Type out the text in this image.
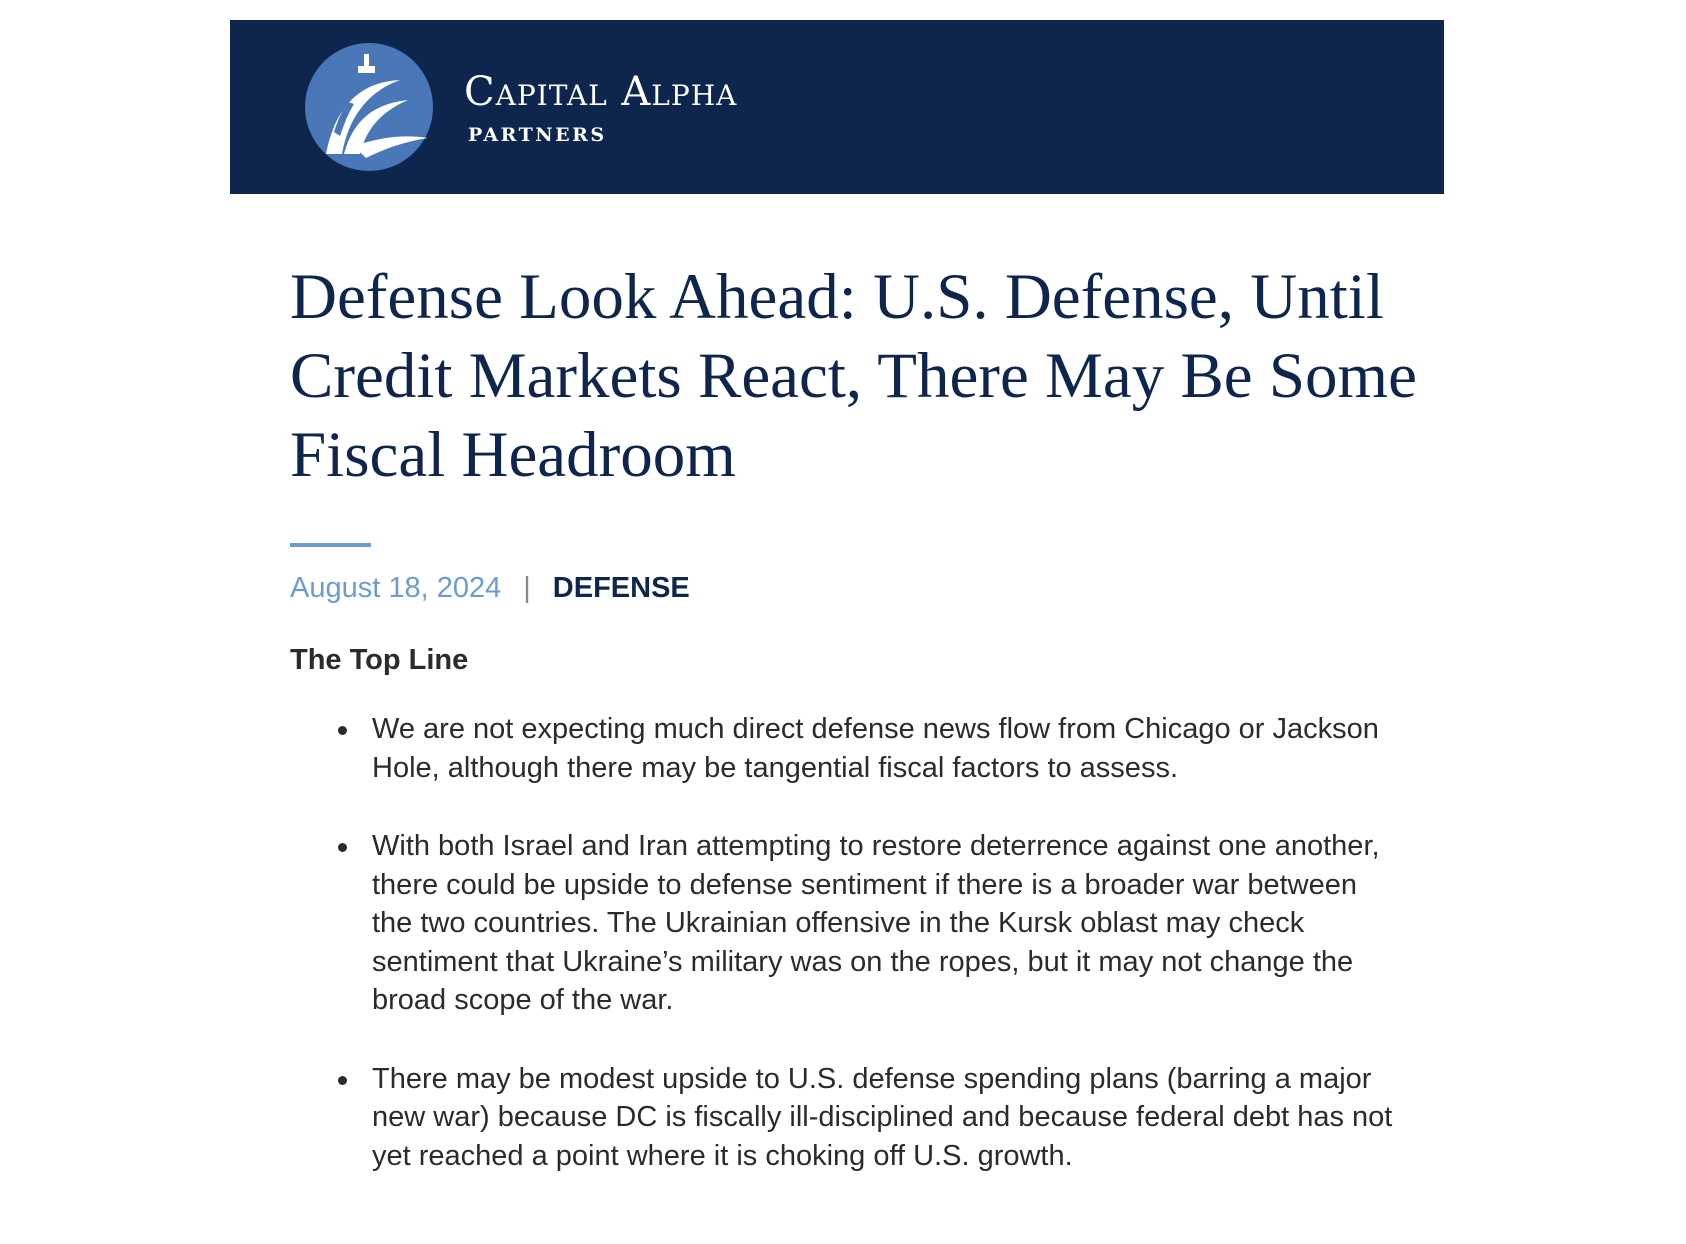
Capital Alpha
PARTNERS
Defense Look Ahead: U.S. Defense, Until Credit Markets React, There May Be Some Fiscal Headroom
August 18, 2024 | DEFENSE
The Top Line
We are not expecting much direct defense news flow from Chicago or Jackson Hole, although there may be tangential fiscal factors to assess.
With both Israel and Iran attempting to restore deterrence against one another, there could be upside to defense sentiment if there is a broader war between the two countries. The Ukrainian offensive in the Kursk oblast may check sentiment that Ukraine’s military was on the ropes, but it may not change the broad scope of the war.
There may be modest upside to U.S. defense spending plans (barring a major new war) because DC is fiscally ill-disciplined and because federal debt has not yet reached a point where it is choking off U.S. growth.
